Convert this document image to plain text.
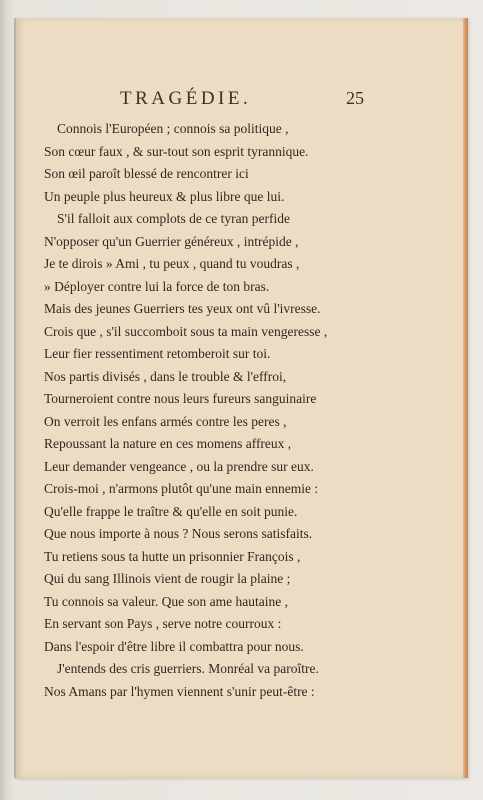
TRAGÉDIE.	25
Connois l'Européen ; connois sa politique ,
Son cœur faux , & sur-tout son esprit tyrannique.
Son œil paroît blessé de rencontrer ici
Un peuple plus heureux & plus libre que lui.
S'il falloit aux complots de ce tyran perfide
N'opposer qu'un Guerrier généreux , intrépide ,
Je te dirois » Ami , tu peux , quand tu voudras ,
» Déployer contre lui la force de ton bras.
Mais des jeunes Guerriers tes yeux ont vû l'ivresse.
Crois que , s'il succomboit sous ta main vengeresse ,
Leur fier ressentiment retomberoit sur toi.
Nos partis divisés , dans le trouble & l'effroi,
Tourneroient contre nous leurs fureurs sanguinaire
On verroit les enfans armés contre les peres ,
Repoussant la nature en ces momens affreux ,
Leur demander vengeance , ou la prendre sur eux.
Crois-moi , n'armons plutôt qu'une main ennemie :
Qu'elle frappe le traître & qu'elle en soit punie.
Que nous importe à nous ? Nous serons satisfaits.
Tu retiens sous ta hutte un prisonnier François ,
Qui du sang Illinois vient de rougir la plaine ;
Tu connois sa valeur. Que son ame hautaine ,
En servant son Pays , serve notre courroux :
Dans l'espoir d'être libre il combattra pour nous.
J'entends des cris guerriers. Monréal va paroître.
Nos Amans par l'hymen viennent s'unir peut-être :
